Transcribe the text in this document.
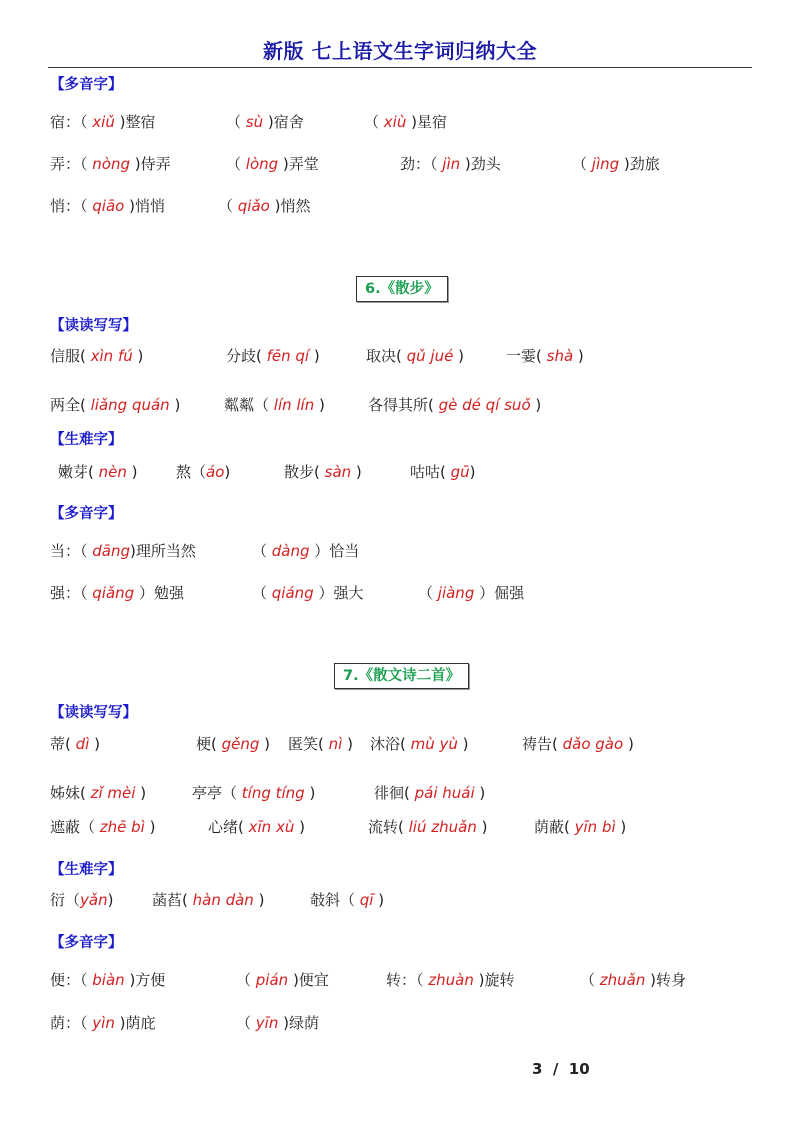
新版 七上语文生字词归纳大全
【多音字】
宿：（ xiǔ )整宿	（ sù )宿舍	（ xiù )星宿
弄：（ nòng )侍弄	（ lòng )弄堂	劲：（ jìn )劲头	（ jìng )劲旅
悄：（ qiāo )悄悄	（ qiǎo )悄然
6.《散步》
【读读写写】
信服( xìn fú )	分歧( fēn qí )	取决( qǔ jué )	一霎( shà )
两全( liǎng quán )	粼粼（ lín lín )	各得其所( gè dé qí suǒ )
【生难字】
嫩芽( nèn )	熬（áo)	散步( sàn )	咕咕( gū)
【多音字】
当：（ dāng)理所当然	（ dàng ）恰当
强：（ qiǎng ）勉强	（ qiáng ）强大	（ jiàng ）倔强
7.《散文诗二首》
【读读写写】
蒂( dì )	梗( gěng ) 匿笑( nì ) 沐浴( mù yù )	祷告( dǎo gào )
姊妹( zǐ mèi )	亭亭（ tíng tíng )	徘徊( pái huái )
遮蔽（ zhē bì )	心绪( xīn xù )	流转( liú zhuǎn )	荫蔽( yīn bì )
【生难字】
衍（yǎn)	菡萏( hàn dàn )	攲斜（ qī )
【多音字】
便：（ biàn )方便	（ pián )便宜	转：（ zhuàn )旋转	（ zhuǎn )转身
荫：（ yìn )荫庇	（ yīn )绿荫
3  /  10
